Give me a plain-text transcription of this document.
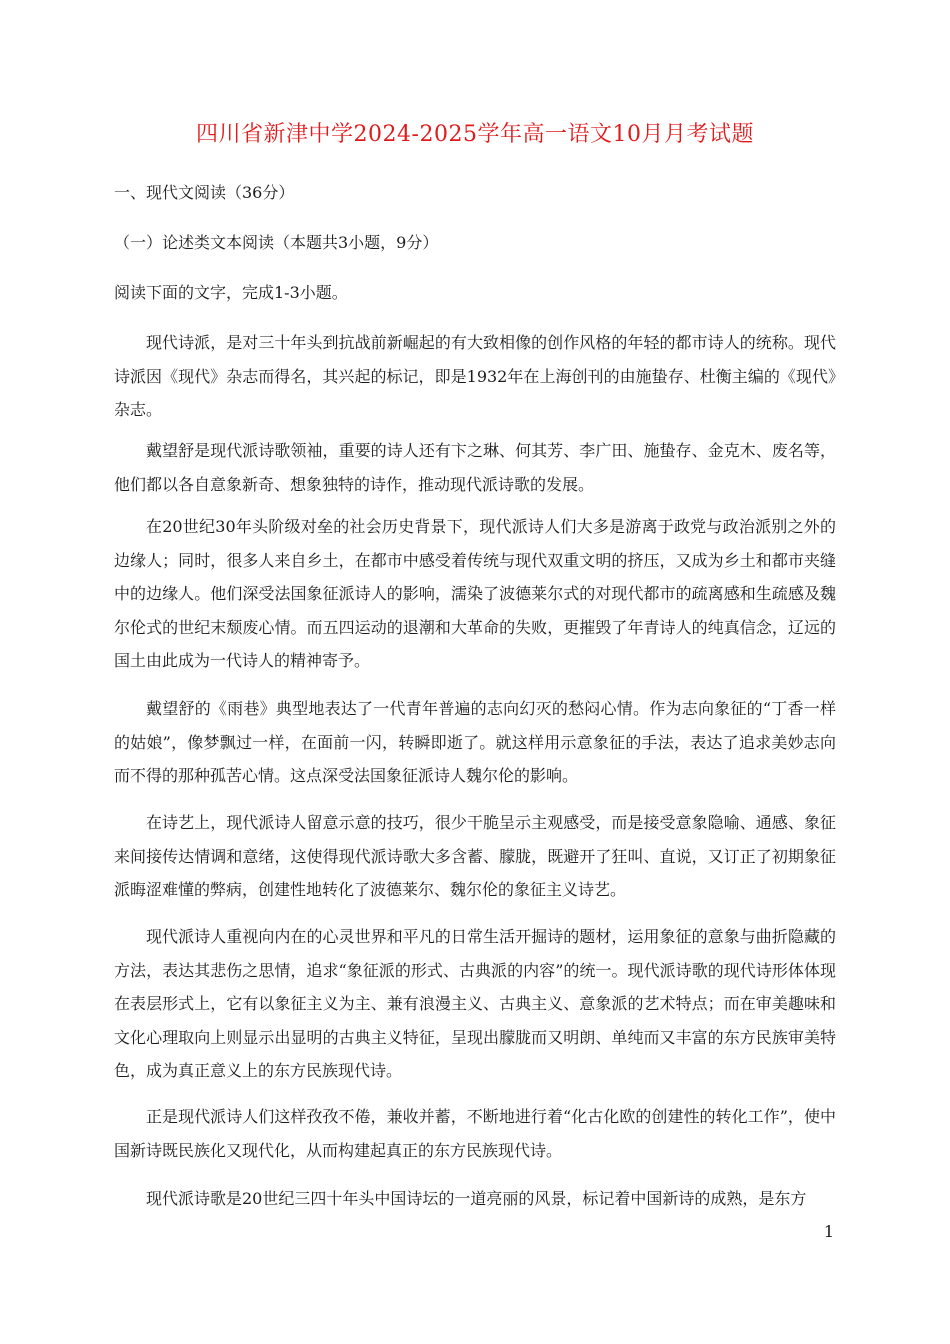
四川省新津中学2024-2025学年高一语文10月月考试题
一、现代文阅读（36分）
（一）论述类文本阅读（本题共3小题，9分）
阅读下面的文字，完成1-3小题。
现代诗派，是对三十年头到抗战前新崛起的有大致相像的创作风格的年轻的都市诗人的统称。现代诗派因《现代》杂志而得名，其兴起的标记，即是1932年在上海创刊的由施蛰存、杜衡主编的《现代》杂志。
戴望舒是现代派诗歌领袖，重要的诗人还有卞之琳、何其芳、李广田、施蛰存、金克木、废名等，他们都以各自意象新奇、想象独特的诗作，推动现代派诗歌的发展。
在20世纪30年头阶级对垒的社会历史背景下，现代派诗人们大多是游离于政党与政治派别之外的边缘人；同时，很多人来自乡土，在都市中感受着传统与现代双重文明的挤压，又成为乡土和都市夹缝中的边缘人。他们深受法国象征派诗人的影响，濡染了波德莱尔式的对现代都市的疏离感和生疏感及魏尔伦式的世纪末颓废心情。而五四运动的退潮和大革命的失败，更摧毁了年青诗人的纯真信念，辽远的国土由此成为一代诗人的精神寄予。
戴望舒的《雨巷》典型地表达了一代青年普遍的志向幻灭的愁闷心情。作为志向象征的“丁香一样的姑娘”，像梦飘过一样，在面前一闪，转瞬即逝了。就这样用示意象征的手法，表达了追求美妙志向而不得的那种孤苦心情。这点深受法国象征派诗人魏尔伦的影响。
在诗艺上，现代派诗人留意示意的技巧，很少干脆呈示主观感受，而是接受意象隐喻、通感、象征来间接传达情调和意绪，这使得现代派诗歌大多含蓄、朦胧，既避开了狂叫、直说，又订正了初期象征派晦涩难懂的弊病，创建性地转化了波德莱尔、魏尔伦的象征主义诗艺。
现代派诗人重视向内在的心灵世界和平凡的日常生活开掘诗的题材，运用象征的意象与曲折隐藏的方法，表达其悲伤之思情，追求“象征派的形式、古典派的内容”的统一。现代派诗歌的现代诗形体体现在表层形式上，它有以象征主义为主、兼有浪漫主义、古典主义、意象派的艺术特点；而在审美趣味和文化心理取向上则显示出显明的古典主义特征，呈现出朦胧而又明朗、单纯而又丰富的东方民族审美特色，成为真正意义上的东方民族现代诗。
正是现代派诗人们这样孜孜不倦，兼收并蓄，不断地进行着“化古化欧的创建性的转化工作”，使中国新诗既民族化又现代化，从而构建起真正的东方民族现代诗。
现代派诗歌是20世纪三四十年头中国诗坛的一道亮丽的风景，标记着中国新诗的成熟，是东方
1
